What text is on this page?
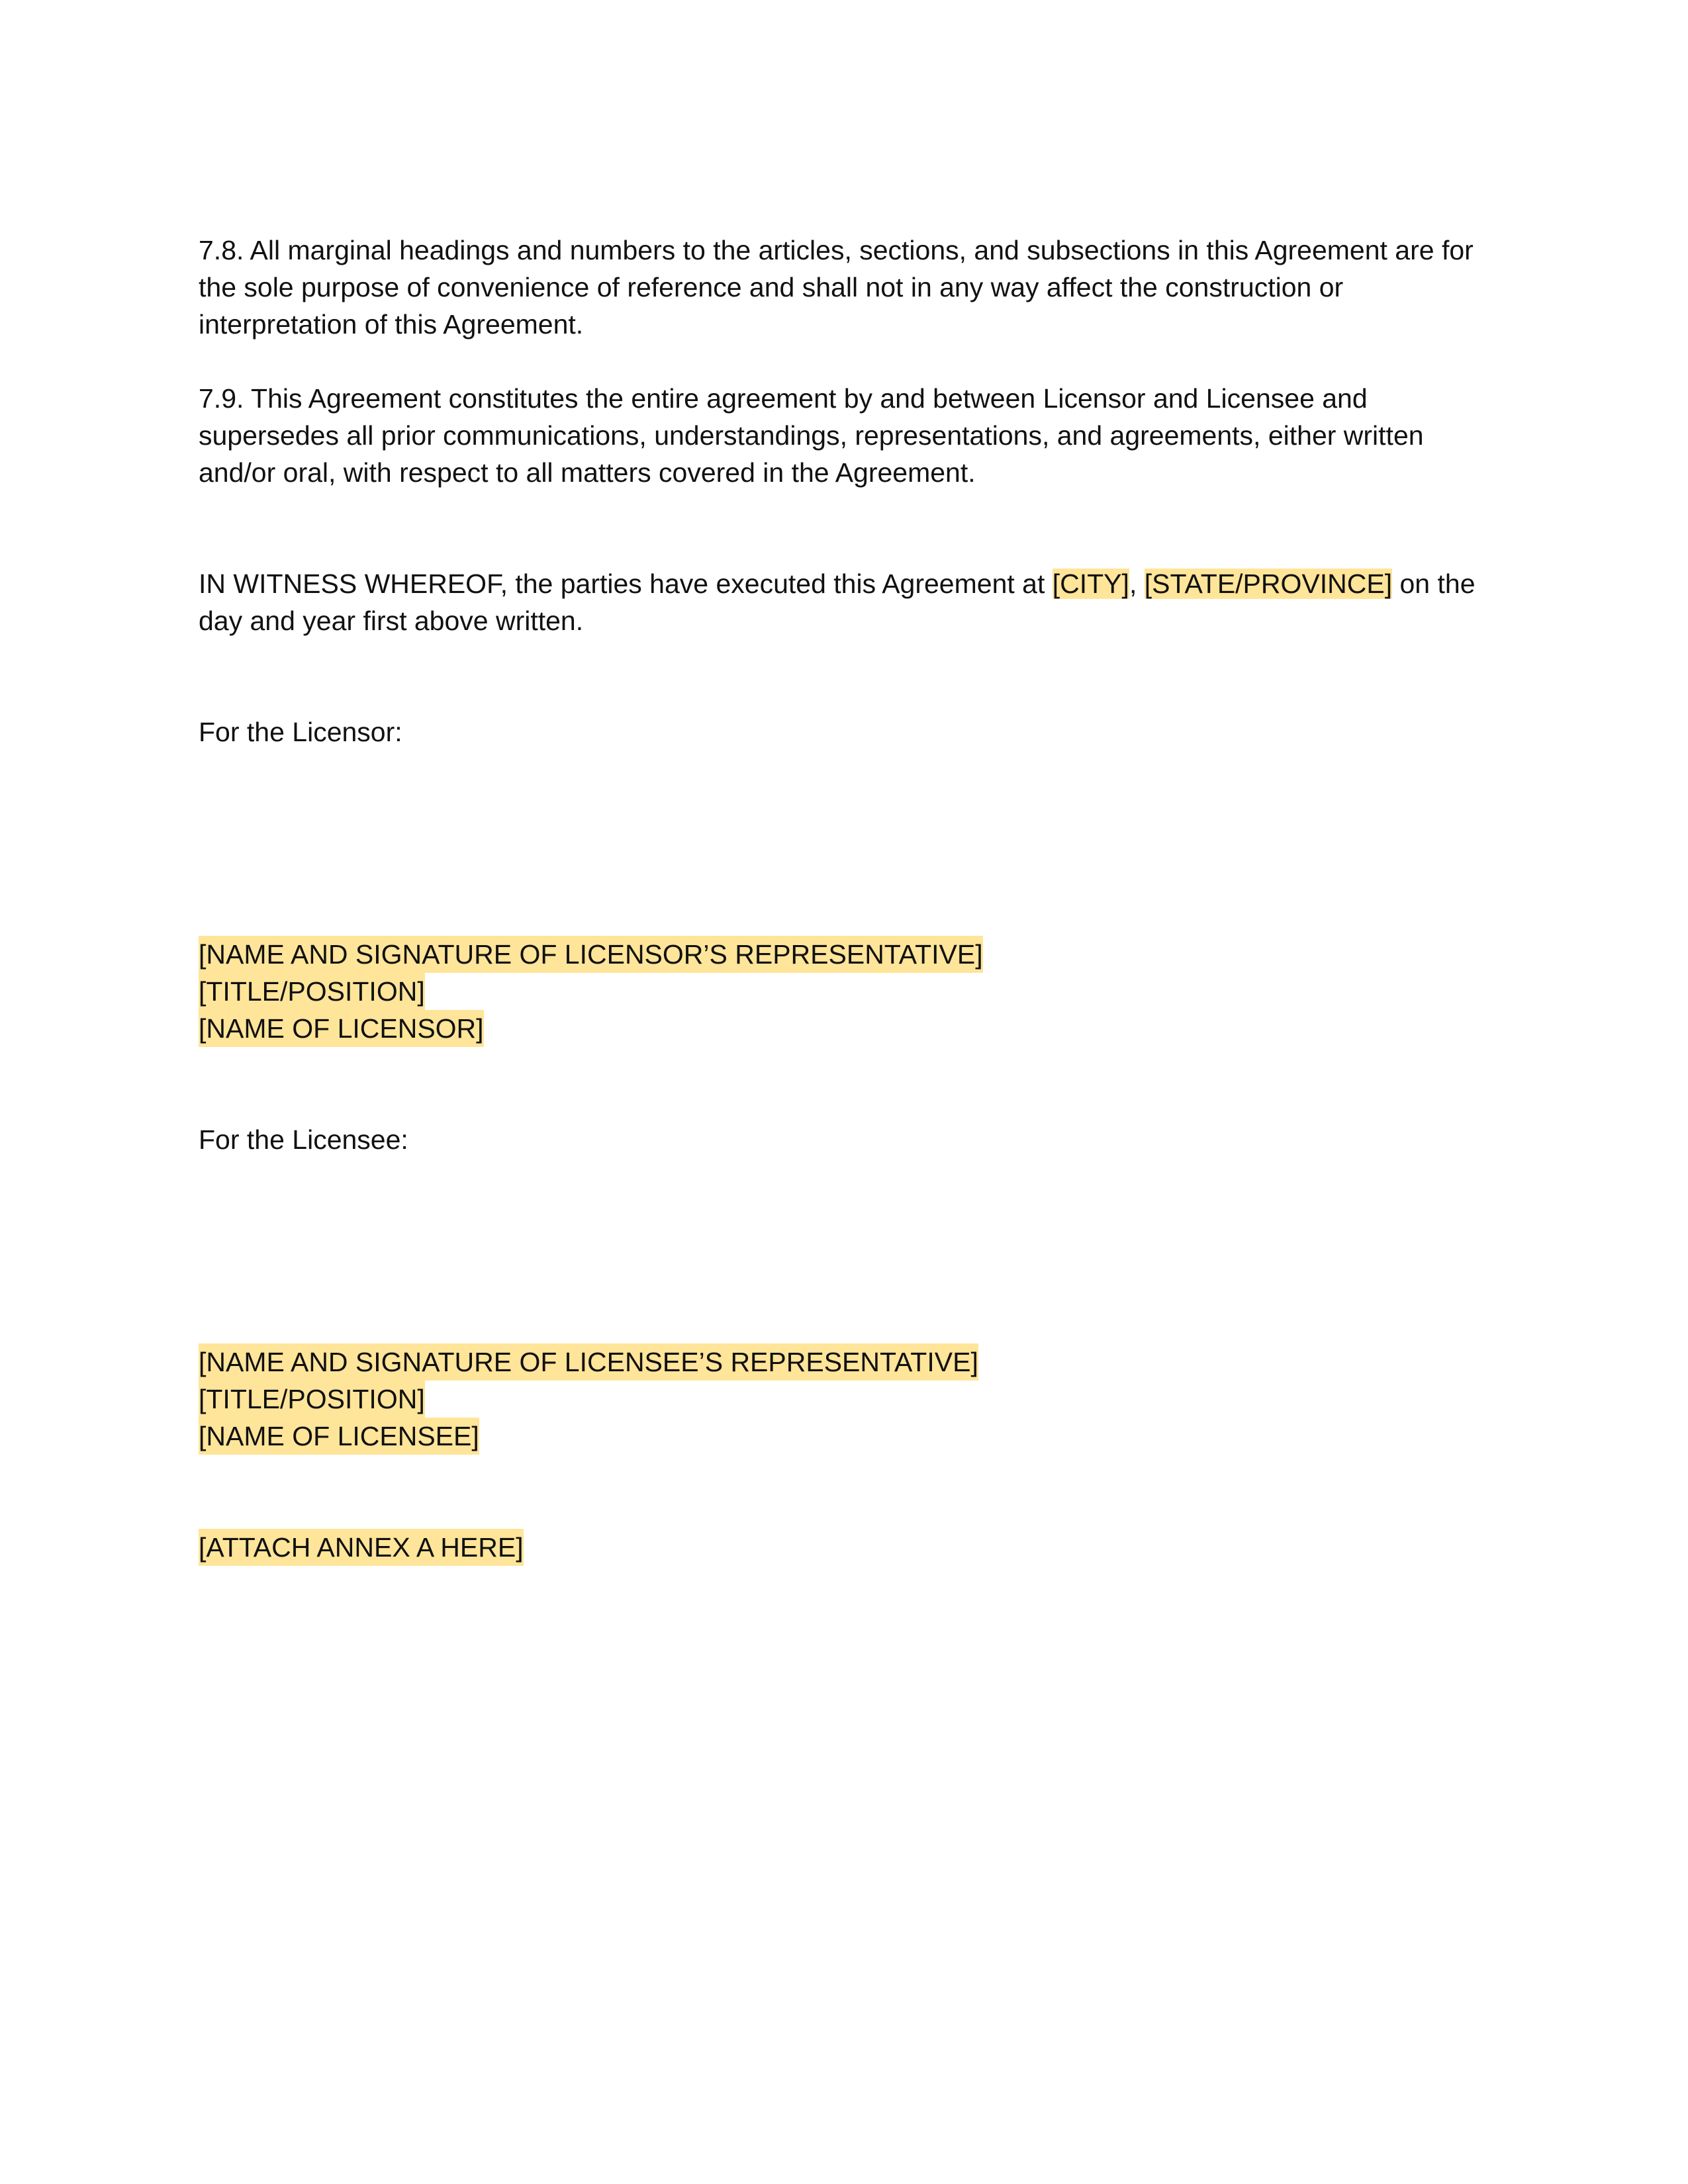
7.8. All marginal headings and numbers to the articles, sections, and subsections in this Agreement are for the sole purpose of convenience of reference and shall not in any way affect the construction or interpretation of this Agreement.

7.9. This Agreement constitutes the entire agreement by and between Licensor and Licensee and supersedes all prior communications, understandings, representations, and agreements, either written and/or oral, with respect to all matters covered in the Agreement.

IN WITNESS WHEREOF, the parties have executed this Agreement at [CITY], [STATE/PROVINCE] on the day and year first above written.

For the Licensor:

[NAME AND SIGNATURE OF LICENSOR’S REPRESENTATIVE]
[TITLE/POSITION]
[NAME OF LICENSOR]

For the Licensee:

[NAME AND SIGNATURE OF LICENSEE’S REPRESENTATIVE]
[TITLE/POSITION]
[NAME OF LICENSEE]
[ATTACH ANNEX A HERE]
